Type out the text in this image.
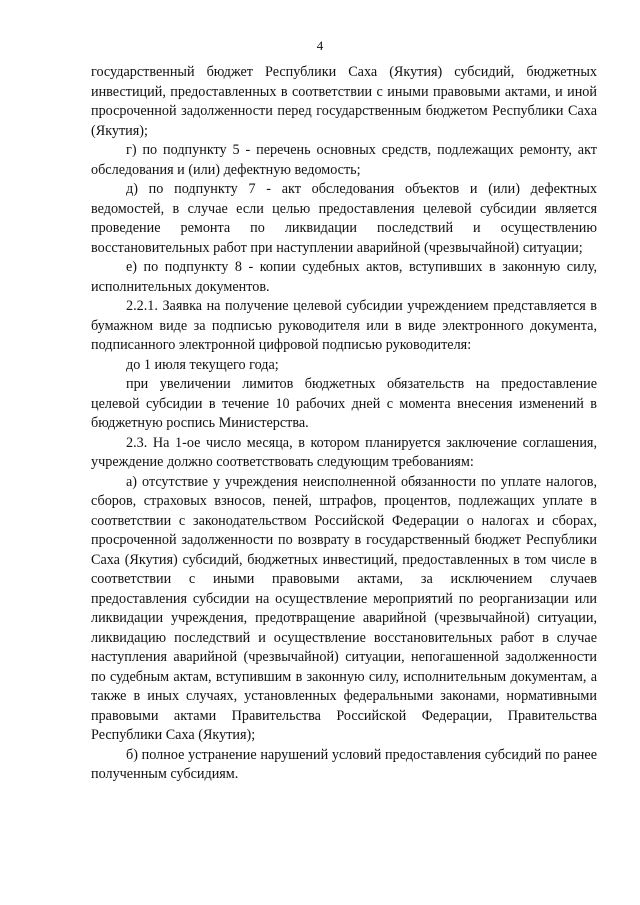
4

государственный бюджет Республики Саха (Якутия) субсидий, бюджетных инвестиций, предоставленных в соответствии с иными правовыми актами, и иной просроченной задолженности перед государственным бюджетом Республики Саха (Якутия);

г) по подпункту 5 - перечень основных средств, подлежащих ремонту, акт обследования и (или) дефектную ведомость;

д) по подпункту 7 - акт обследования объектов и (или) дефектных ведомостей, в случае если целью предоставления целевой субсидии является проведение ремонта по ликвидации последствий и осуществлению восстановительных работ при наступлении аварийной (чрезвычайной) ситуации;

е) по подпункту 8 - копии судебных актов, вступивших в законную силу, исполнительных документов.

2.2.1. Заявка на получение целевой субсидии учреждением представляется в бумажном виде за подписью руководителя или в виде электронного документа, подписанного электронной цифровой подписью руководителя:

до 1 июля текущего года;

при увеличении лимитов бюджетных обязательств на предоставление целевой субсидии в течение 10 рабочих дней с момента внесения изменений в бюджетную роспись Министерства.

2.3. На 1-ое число месяца, в котором планируется заключение соглашения, учреждение должно соответствовать следующим требованиям:

а) отсутствие у учреждения неисполненной обязанности по уплате налогов, сборов, страховых взносов, пеней, штрафов, процентов, подлежащих уплате в соответствии с законодательством Российской Федерации о налогах и сборах, просроченной задолженности по возврату в государственный бюджет Республики Саха (Якутия) субсидий, бюджетных инвестиций, предоставленных в том числе в соответствии с иными правовыми актами, за исключением случаев предоставления субсидии на осуществление мероприятий по реорганизации или ликвидации учреждения, предотвращение аварийной (чрезвычайной) ситуации, ликвидацию последствий и осуществление восстановительных работ в случае наступления аварийной (чрезвычайной) ситуации, непогашенной задолженности по судебным актам, вступившим в законную силу, исполнительным документам, а также в иных случаях, установленных федеральными законами, нормативными правовыми актами Правительства Российской Федерации, Правительства Республики Саха (Якутия);

б) полное устранение нарушений условий предоставления субсидий по ранее полученным субсидиям.
